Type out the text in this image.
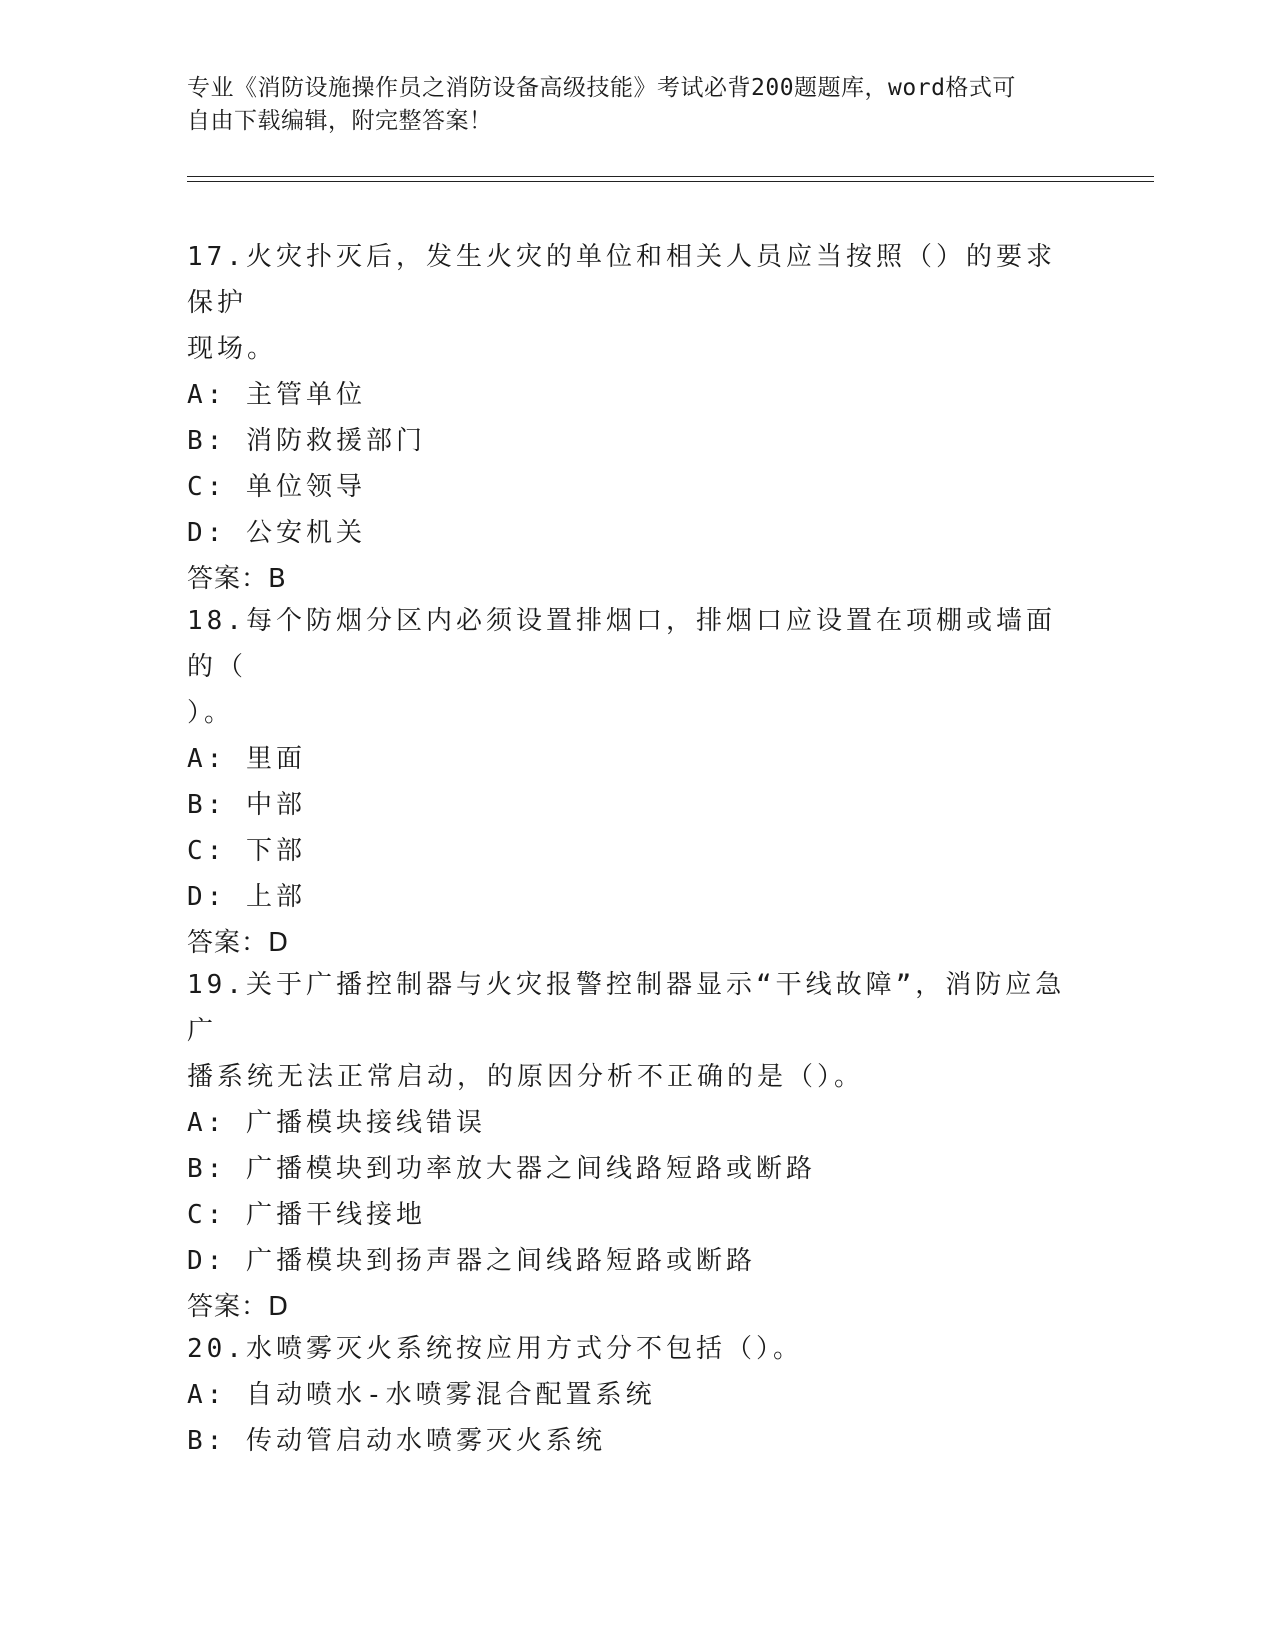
专业《消防设施操作员之消防设备高级技能》考试必背200题题库，word格式可
自由下载编辑，附完整答案！

17.火灾扑灭后，发生火灾的单位和相关人员应当按照（）的要求保护

现场。

A: 主管单位

B: 消防救援部门

C: 单位领导

D: 公安机关

答案：B

18.每个防烟分区内必须设置排烟口，排烟口应设置在项棚或墙面的（

）。

A: 里面

B: 中部

C: 下部

D: 上部

答案：D

19.关于广播控制器与火灾报警控制器显示“干线故障”，消防应急广

播系统无法正常启动，的原因分析不正确的是（）。

A: 广播模块接线错误

B: 广播模块到功率放大器之间线路短路或断路

C: 广播干线接地

D: 广播模块到扬声器之间线路短路或断路

答案：D

20.水喷雾灭火系统按应用方式分不包括（）。

A: 自动喷水-水喷雾混合配置系统

B: 传动管启动水喷雾灭火系统
